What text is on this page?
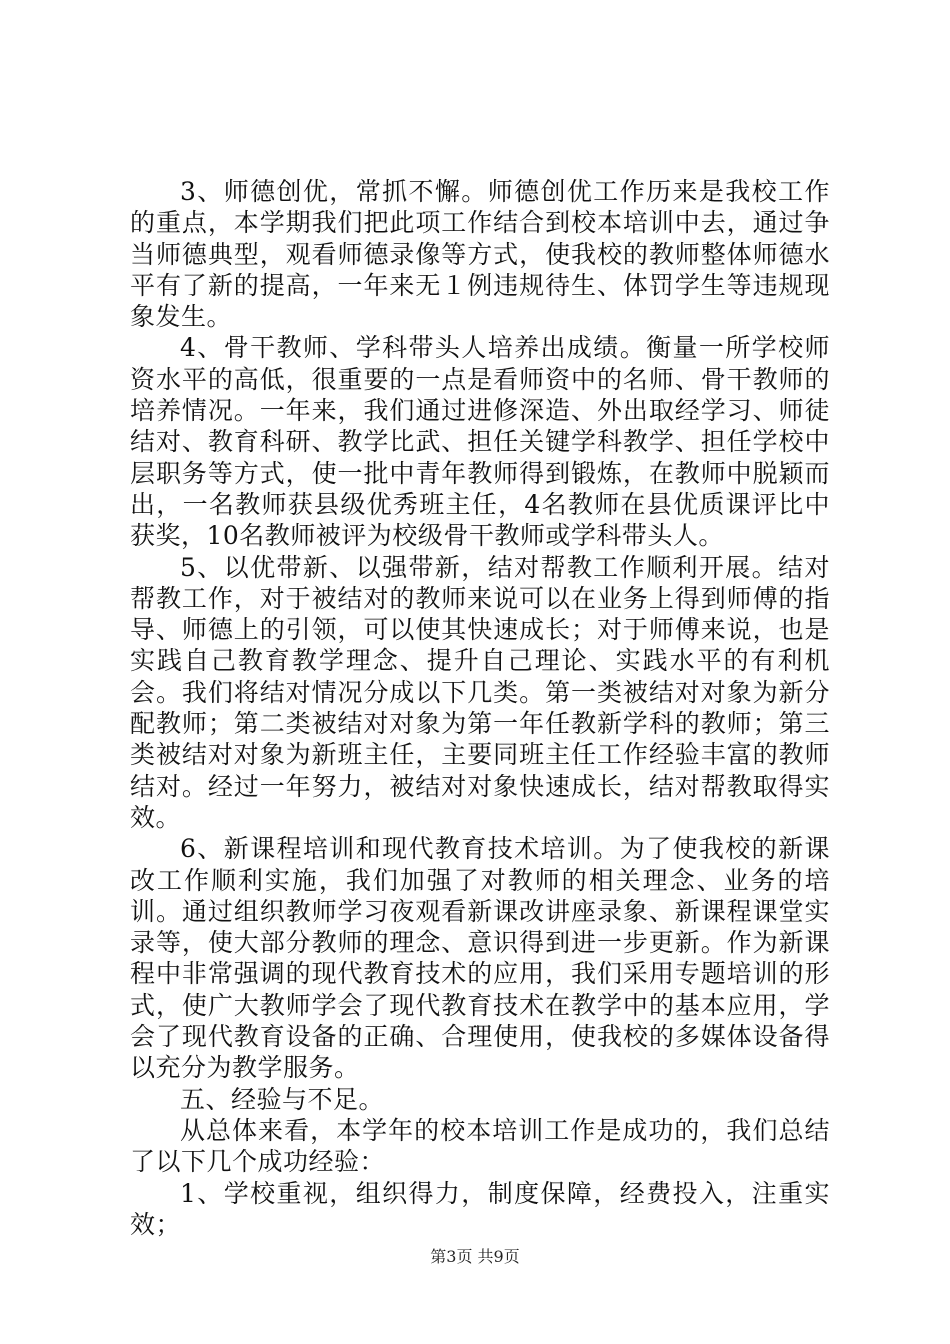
3、师德创优，常抓不懈。师德创优工作历来是我校工作的重点，本学期我们把此项工作结合到校本培训中去，通过争当师德典型，观看师德录像等方式，使我校的教师整体师德水平有了新的提高，一年来无１例违规待生、体罚学生等违规现象发生。

4、骨干教师、学科带头人培养出成绩。衡量一所学校师资水平的高低，很重要的一点是看师资中的名师、骨干教师的培养情况。一年来，我们通过进修深造、外出取经学习、师徒结对、教育科研、教学比武、担任关键学科教学、担任学校中层职务等方式，使一批中青年教师得到锻炼，在教师中脱颖而出，一名教师获县级优秀班主任，4名教师在县优质课评比中获奖，10名教师被评为校级骨干教师或学科带头人。

5、以优带新、以强带新，结对帮教工作顺利开展。结对帮教工作，对于被结对的教师来说可以在业务上得到师傅的指导、师德上的引领，可以使其快速成长；对于师傅来说，也是实践自己教育教学理念、提升自己理论、实践水平的有利机会。我们将结对情况分成以下几类。第一类被结对对象为新分配教师；第二类被结对对象为第一年任教新学科的教师；第三类被结对对象为新班主任，主要同班主任工作经验丰富的教师结对。经过一年努力，被结对对象快速成长，结对帮教取得实效。

6、新课程培训和现代教育技术培训。为了使我校的新课改工作顺利实施，我们加强了对教师的相关理念、业务的培训。通过组织教师学习夜观看新课改讲座录象、新课程课堂实录等，使大部分教师的理念、意识得到进一步更新。作为新课程中非常强调的现代教育技术的应用，我们采用专题培训的形式，使广大教师学会了现代教育技术在教学中的基本应用，学会了现代教育设备的正确、合理使用，使我校的多媒体设备得以充分为教学服务。

五、经验与不足。

从总体来看，本学年的校本培训工作是成功的，我们总结了以下几个成功经验：

1、学校重视，组织得力，制度保障，经费投入，注重实效；

第3页 共9页
